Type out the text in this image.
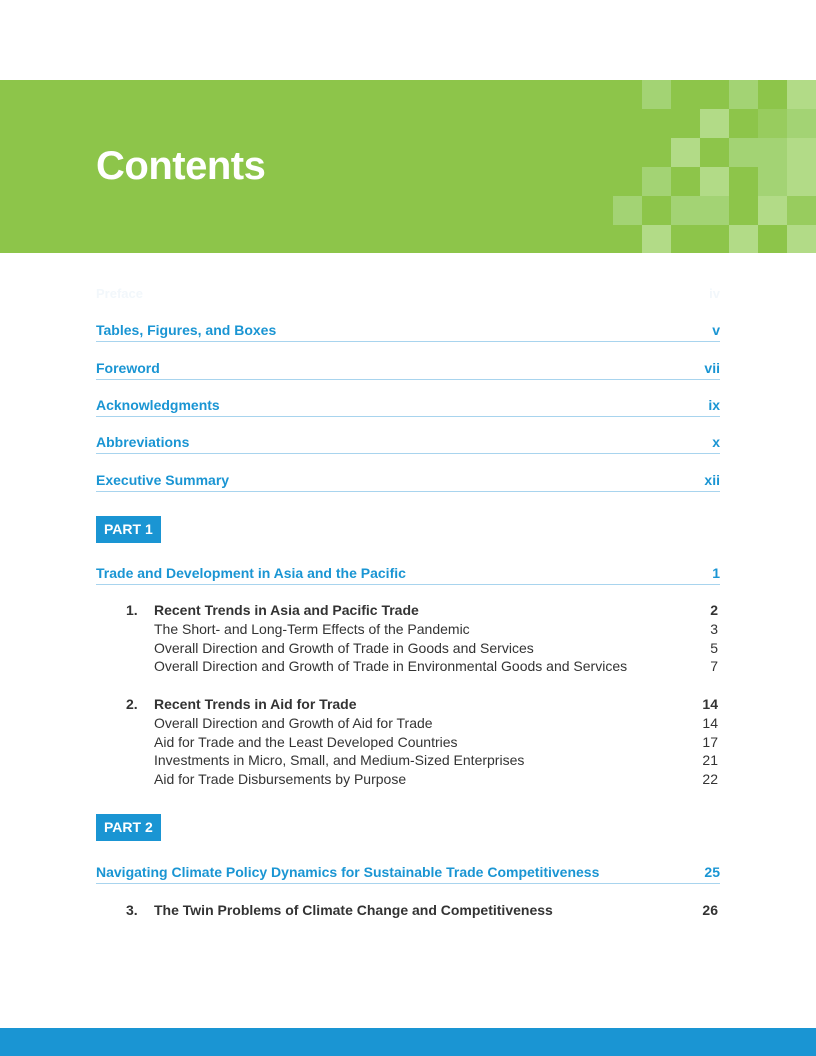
Contents
Preface	iv
Tables, Figures, and Boxes	v
Foreword	vii
Acknowledgments	ix
Abbreviations	x
Executive Summary	xii
PART 1
Trade and Development in Asia and the Pacific	1
1.	Recent Trends in Asia and Pacific Trade	2
The Short- and Long-Term Effects of the Pandemic	3
Overall Direction and Growth of Trade in Goods and Services	5
Overall Direction and Growth of Trade in Environmental Goods and Services	7
2.	Recent Trends in Aid for Trade	14
Overall Direction and Growth of Aid for Trade	14
Aid for Trade and the Least Developed Countries	17
Investments in Micro, Small, and Medium-Sized Enterprises	21
Aid for Trade Disbursements by Purpose	22
PART 2
Navigating Climate Policy Dynamics for Sustainable Trade Competitiveness	25
3.	The Twin Problems of Climate Change and Competitiveness	26
